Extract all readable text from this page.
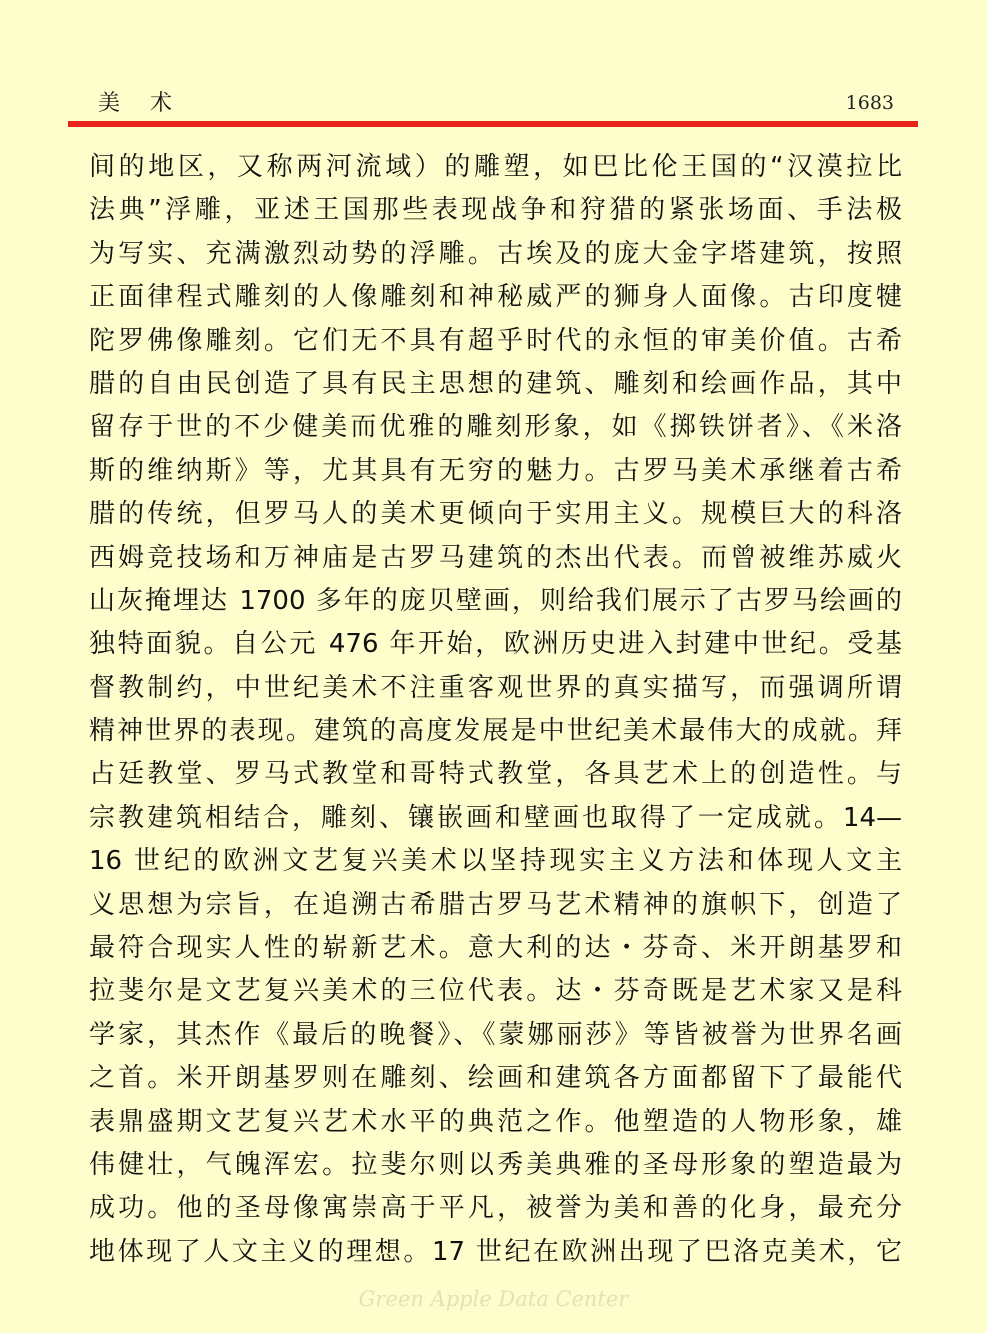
美术	1683
间的地区，又称两河流域）的雕塑，如巴比伦王国的“汉漠拉比
法典”浮雕，亚述王国那些表现战争和狩猎的紧张场面、手法极
为写实、充满激烈动势的浮雕。古埃及的庞大金字塔建筑，按照
正面律程式雕刻的人像雕刻和神秘威严的狮身人面像。古印度犍
陀罗佛像雕刻。它们无不具有超乎时代的永恒的审美价值。古希
腊的自由民创造了具有民主思想的建筑、雕刻和绘画作品，其中
留存于世的不少健美而优雅的雕刻形象，如《掷铁饼者》、《米洛
斯的维纳斯》等，尤其具有无穷的魅力。古罗马美术承继着古希
腊的传统，但罗马人的美术更倾向于实用主义。规模巨大的科洛
西姆竞技场和万神庙是古罗马建筑的杰出代表。而曾被维苏威火
山灰掩埋达 1700 多年的庞贝壁画，则给我们展示了古罗马绘画的
独特面貌。自公元 476 年开始，欧洲历史进入封建中世纪。受基
督教制约，中世纪美术不注重客观世界的真实描写，而强调所谓
精神世界的表现。建筑的高度发展是中世纪美术最伟大的成就。拜
占廷教堂、罗马式教堂和哥特式教堂，各具艺术上的创造性。与
宗教建筑相结合，雕刻、镶嵌画和壁画也取得了一定成就。14—
16 世纪的欧洲文艺复兴美术以坚持现实主义方法和体现人文主
义思想为宗旨，在追溯古希腊古罗马艺术精神的旗帜下，创造了
最符合现实人性的崭新艺术。意大利的达・芬奇、米开朗基罗和
拉斐尔是文艺复兴美术的三位代表。达・芬奇既是艺术家又是科
学家，其杰作《最后的晚餐》、《蒙娜丽莎》等皆被誉为世界名画
之首。米开朗基罗则在雕刻、绘画和建筑各方面都留下了最能代
表鼎盛期文艺复兴艺术水平的典范之作。他塑造的人物形象，雄
伟健壮，气魄浑宏。拉斐尔则以秀美典雅的圣母形象的塑造最为
成功。他的圣母像寓崇高于平凡，被誉为美和善的化身，最充分
地体现了人文主义的理想。17 世纪在欧洲出现了巴洛克美术，它
Green Apple Data Center
